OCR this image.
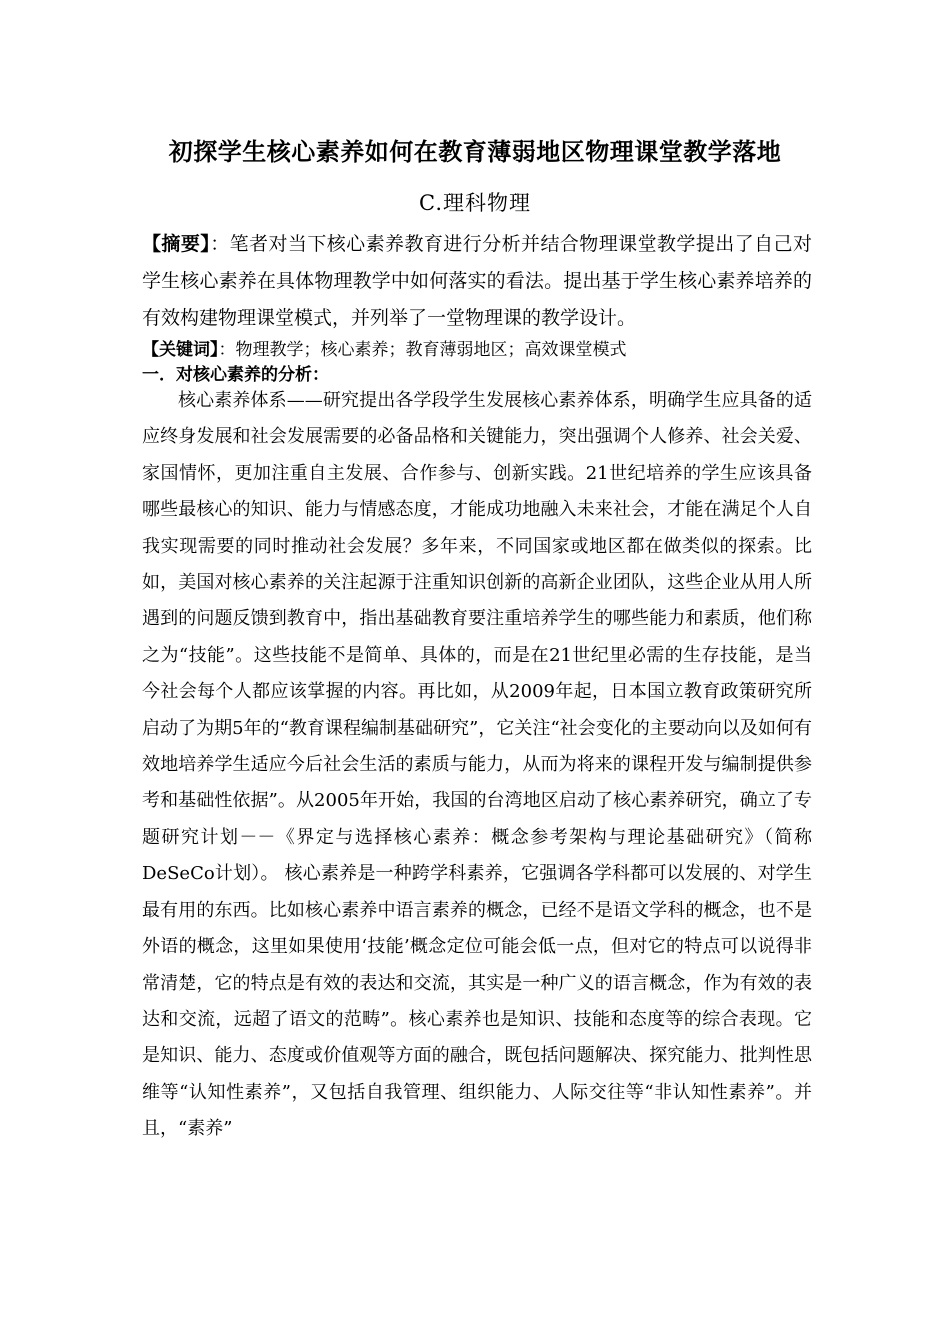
初探学生核心素养如何在教育薄弱地区物理课堂教学落地
C.理科物理
【摘要】：笔者对当下核心素养教育进行分析并结合物理课堂教学提出了自己对学生核心素养在具体物理教学中如何落实的看法。提出基于学生核心素养培养的有效构建物理课堂模式，并列举了一堂物理课的教学设计。
【关键词】：物理教学；核心素养；教育薄弱地区；高效课堂模式
一．对核心素养的分析：
核心素养体系——研究提出各学段学生发展核心素养体系，明确学生应具备的适应终身发展和社会发展需要的必备品格和关键能力，突出强调个人修养、社会关爱、家国情怀，更加注重自主发展、合作参与、创新实践。21世纪培养的学生应该具备哪些最核心的知识、能力与情感态度，才能成功地融入未来社会，才能在满足个人自我实现需要的同时推动社会发展？多年来，不同国家或地区都在做类似的探索。比如，美国对核心素养的关注起源于注重知识创新的高新企业团队，这些企业从用人所遇到的问题反馈到教育中，指出基础教育要注重培养学生的哪些能力和素质，他们称之为“技能”。这些技能不是简单、具体的，而是在21世纪里必需的生存技能，是当今社会每个人都应该掌握的内容。再比如，从2009年起，日本国立教育政策研究所启动了为期5年的“教育课程编制基础研究”，它关注“社会变化的主要动向以及如何有效地培养学生适应今后社会生活的素质与能力，从而为将来的课程开发与编制提供参考和基础性依据”。从2005年开始，我国的台湾地区启动了核心素养研究，确立了专题研究计划－－《界定与选择核心素养：概念参考架构与理论基础研究》（简称DeSeCo计划）。 核心素养是一种跨学科素养，它强调各学科都可以发展的、对学生最有用的东西。比如核心素养中语言素养的概念，已经不是语文学科的概念，也不是外语的概念，这里如果使用‘技能’概念定位可能会低一点，但对它的特点可以说得非常清楚，它的特点是有效的表达和交流，其实是一种广义的语言概念，作为有效的表达和交流，远超了语文的范畴”。核心素养也是知识、技能和态度等的综合表现。它是知识、能力、态度或价值观等方面的融合，既包括问题解决、探究能力、批判性思维等“认知性素养”，又包括自我管理、组织能力、人际交往等“非认知性素养”。并且，“素养”
